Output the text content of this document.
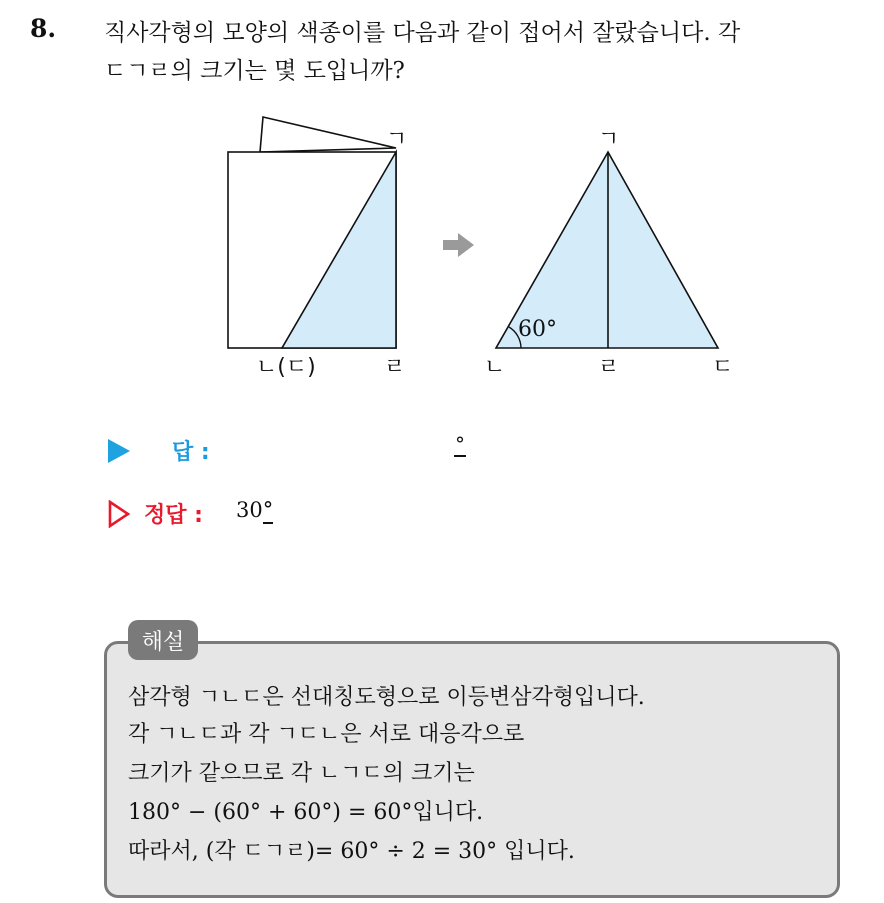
8. 직사각형의 모양의 색종이를 다음과 같이 접어서 잘랐습니다. 각
ㄷㄱㄹ의 크기는 몇 도입니까?
ㄱ
ㄴ(ㄷ)	ㄹ
60°
ㄱ
ㄴ	ㄹ	ㄷ
답 :	°
정답 : 30°
해설
삼각형 ㄱㄴㄷ은 선대칭도형으로 이등변삼각형입니다.
각 ㄱㄴㄷ과 각 ㄱㄷㄴ은 서로 대응각으로
크기가 같으므로 각 ㄴㄱㄷ의 크기는
180° − (60° + 60°) = 60°입니다.
따라서, (각 ㄷㄱㄹ)= 60° ÷ 2 = 30° 입니다.
